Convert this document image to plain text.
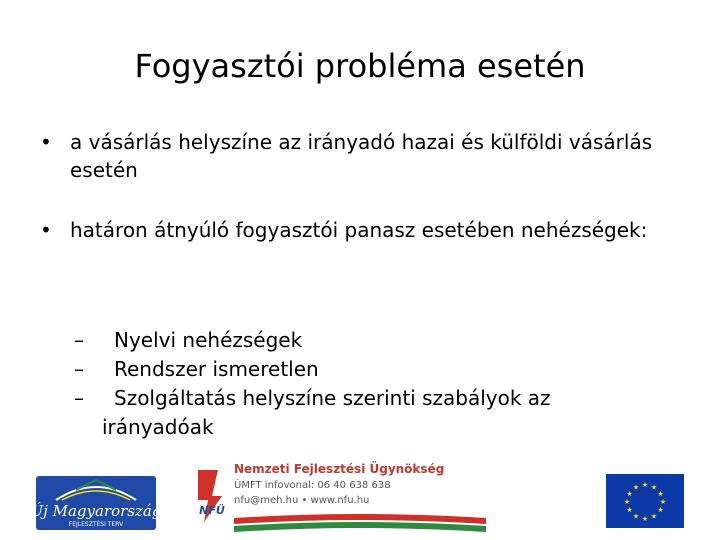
Fogyasztói probléma esetén
• a vásárlás helyszíne az irányadó hazai és külföldi vásárlás esetén
• határon átnyúló fogyasztói panasz esetében nehézségek:
– Nyelvi nehézségek
– Rendszer ismeretlen
– Szolgáltatás helyszíne szerinti szabályok az
irányadóak
Új Magyarország
FEJLESZTÉSI TERV
NFÜ
Nemzeti Fejlesztési Ügynökség
ÚMFT infovonal: 06 40 638 638
nfu@meh.hu • www.nfu.hu
★ ★
★
★
★
★
★
★
★
★
★
★
